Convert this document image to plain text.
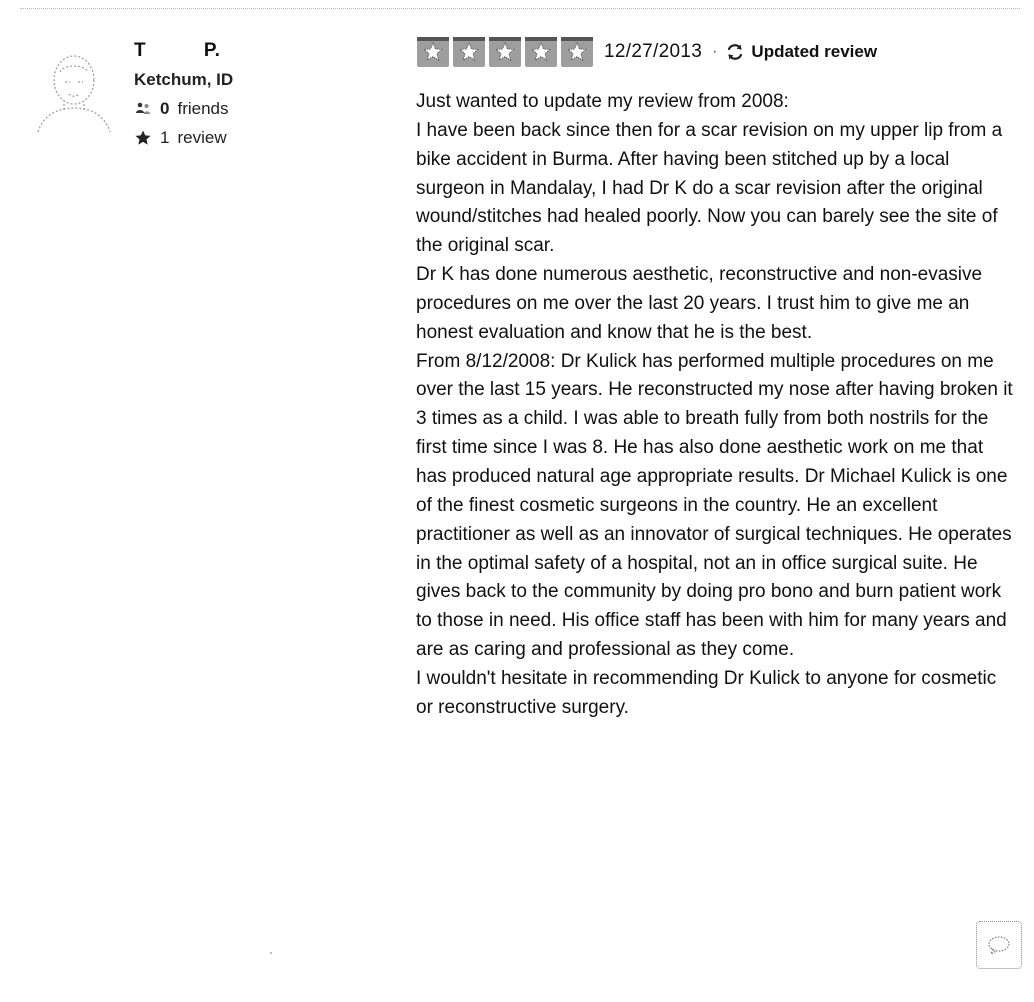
T          P.
Ketchum, ID
0 friends
1 review
12/27/2013 · Updated review

Just wanted to update my review from 2008:

I have been back since then for a scar revision on my upper lip from a bike accident in Burma. After having been stitched up by a local surgeon in Mandalay, I had Dr K do a scar revision after the original wound/stitches had healed poorly. Now you can barely see the site of the original scar.

Dr K has done numerous aesthetic, reconstructive and non-evasive procedures on me over the last 20 years. I trust him to give me an honest evaluation and know that he is the best.

From 8/12/2008: Dr Kulick has performed multiple procedures on me over the last 15 years. He reconstructed my nose after having broken it 3 times as a child. I was able to breath fully from both nostrils for the first time since I was 8. He has also done aesthetic work on me that has produced natural age appropriate results. Dr Michael Kulick is one of the finest cosmetic surgeons in the country. He an excellent practitioner as well as an innovator of surgical techniques. He operates in the optimal safety of a hospital, not an in office surgical suite. He gives back to the community by doing pro bono and burn patient work to those in need. His office staff has been with him for many years and are as caring and professional as they come.

I wouldn't hesitate in recommending Dr Kulick to anyone for cosmetic or reconstructive surgery.
